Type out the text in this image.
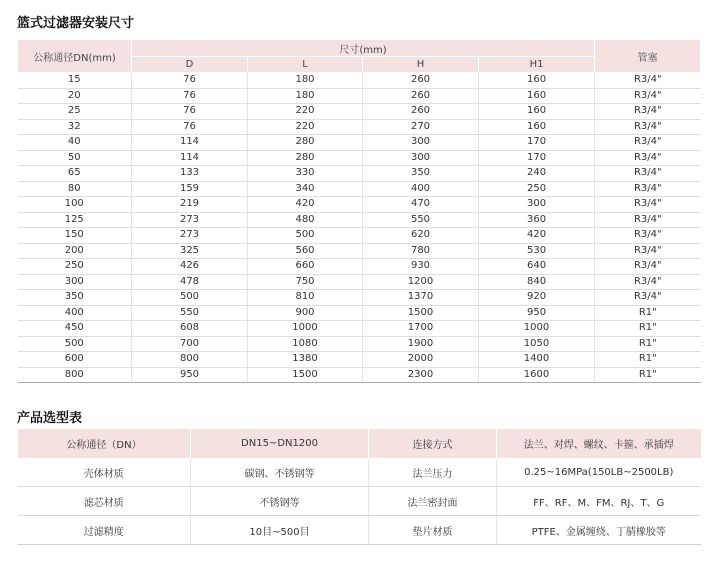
篮式过滤器安装尺寸
公称通径DN(mm)	尺寸(mm)				管塞
	D	L	H	H1	
15	76	180	260	160	R3/4"
20	76	180	260	160	R3/4"
25	76	220	260	160	R3/4"
32	76	220	270	160	R3/4"
40	114	280	300	170	R3/4"
50	114	280	300	170	R3/4"
65	133	330	350	240	R3/4"
80	159	340	400	250	R3/4"
100	219	420	470	300	R3/4"
125	273	480	550	360	R3/4"
150	273	500	620	420	R3/4"
200	325	560	780	530	R3/4"
250	426	660	930	640	R3/4"
300	478	750	1200	840	R3/4"
350	500	810	1370	920	R3/4"
400	550	900	1500	950	R1"
450	608	1000	1700	1000	R1"
500	700	1080	1900	1050	R1"
600	800	1380	2000	1400	R1"
800	950	1500	2300	1600	R1"
产品选型表
公称通径（DN）	DN15~DN1200	连接方式	法兰、对焊、螺纹、卡箍、承插焊
壳体材质	碳钢、不锈钢等	法兰压力	0.25~16MPa(150LB~2500LB)
滤芯材质	不锈钢等	法兰密封面	FF、RF、M、FM、RJ、T、G
过滤精度	10目~500目	垫片材质	PTFE、金属缠绕、丁腈橡胶等
